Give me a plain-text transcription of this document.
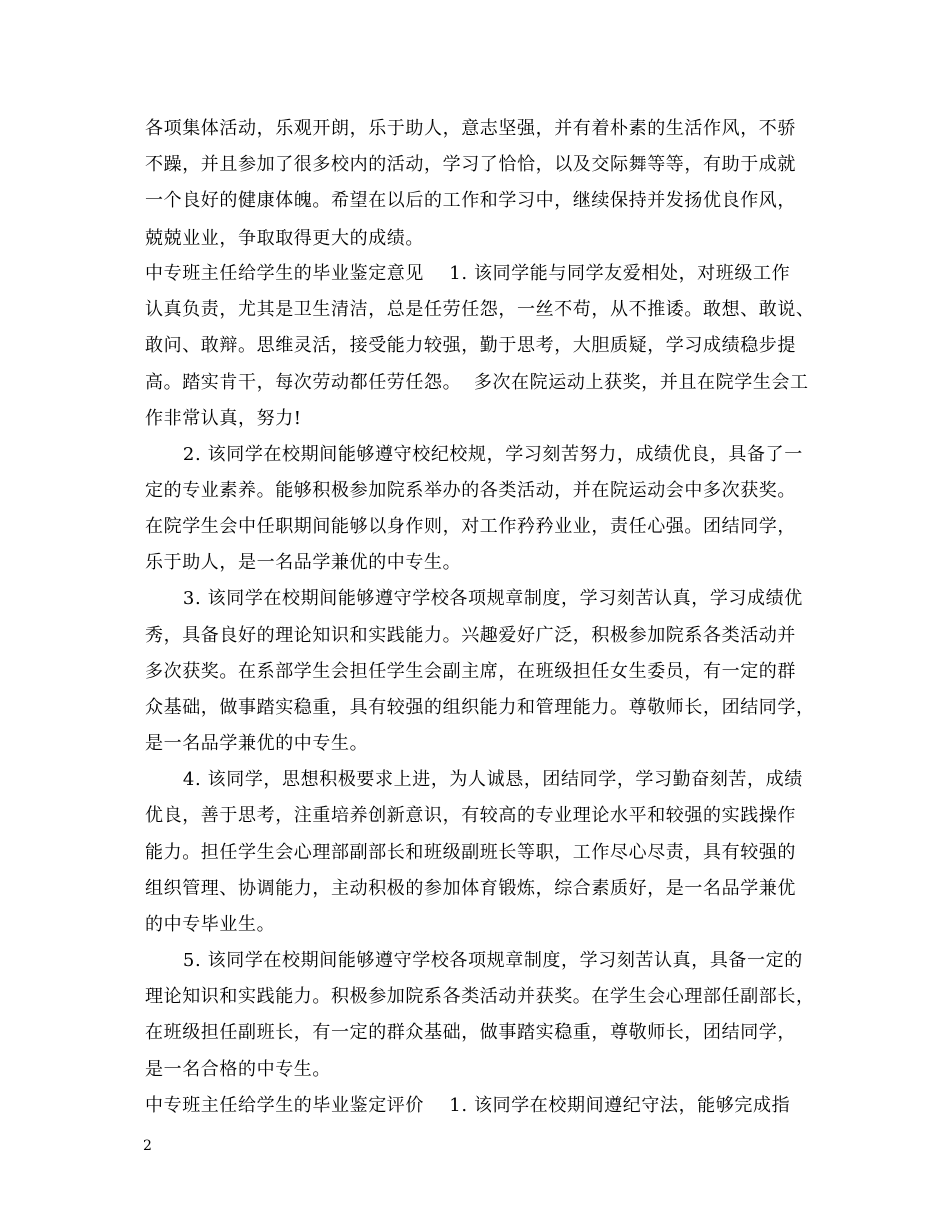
各项集体活动，乐观开朗，乐于助人，意志坚强，并有着朴素的生活作风，不骄
不躁，并且参加了很多校内的活动，学习了恰恰，以及交际舞等等，有助于成就
一个良好的健康体魄。希望在以后的工作和学习中，继续保持并发扬优良作风，
兢兢业业，争取取得更大的成绩。
中专班主任给学生的毕业鉴定意见    1. 该同学能与同学友爱相处，对班级工作
认真负责，尤其是卫生清洁，总是任劳任怨，一丝不苟，从不推诿。敢想、敢说、
敢问、敢辩。思维灵活，接受能力较强，勤于思考，大胆质疑，学习成绩稳步提
高。踏实肯干，每次劳动都任劳任怨。  多次在院运动上获奖，并且在院学生会工
作非常认真，努力!
2. 该同学在校期间能够遵守校纪校规，学习刻苦努力，成绩优良，具备了一
定的专业素养。能够积极参加院系举办的各类活动，并在院运动会中多次获奖。
在院学生会中任职期间能够以身作则，对工作矜矜业业，责任心强。团结同学，
乐于助人，是一名品学兼优的中专生。
3. 该同学在校期间能够遵守学校各项规章制度，学习刻苦认真，学习成绩优
秀，具备良好的理论知识和实践能力。兴趣爱好广泛，积极参加院系各类活动并
多次获奖。在系部学生会担任学生会副主席，在班级担任女生委员，有一定的群
众基础，做事踏实稳重，具有较强的组织能力和管理能力。尊敬师长，团结同学，
是一名品学兼优的中专生。
4. 该同学，思想积极要求上进，为人诚恳，团结同学，学习勤奋刻苦，成绩
优良，善于思考，注重培养创新意识，有较高的专业理论水平和较强的实践操作
能力。担任学生会心理部副部长和班级副班长等职，工作尽心尽责，具有较强的
组织管理、协调能力，主动积极的参加体育锻炼，综合素质好，是一名品学兼优
的中专毕业生。
5. 该同学在校期间能够遵守学校各项规章制度，学习刻苦认真，具备一定的
理论知识和实践能力。积极参加院系各类活动并获奖。在学生会心理部任副部长，
在班级担任副班长，有一定的群众基础，做事踏实稳重，尊敬师长，团结同学，
是一名合格的中专生。
中专班主任给学生的毕业鉴定评价    1. 该同学在校期间遵纪守法，能够完成指
2
